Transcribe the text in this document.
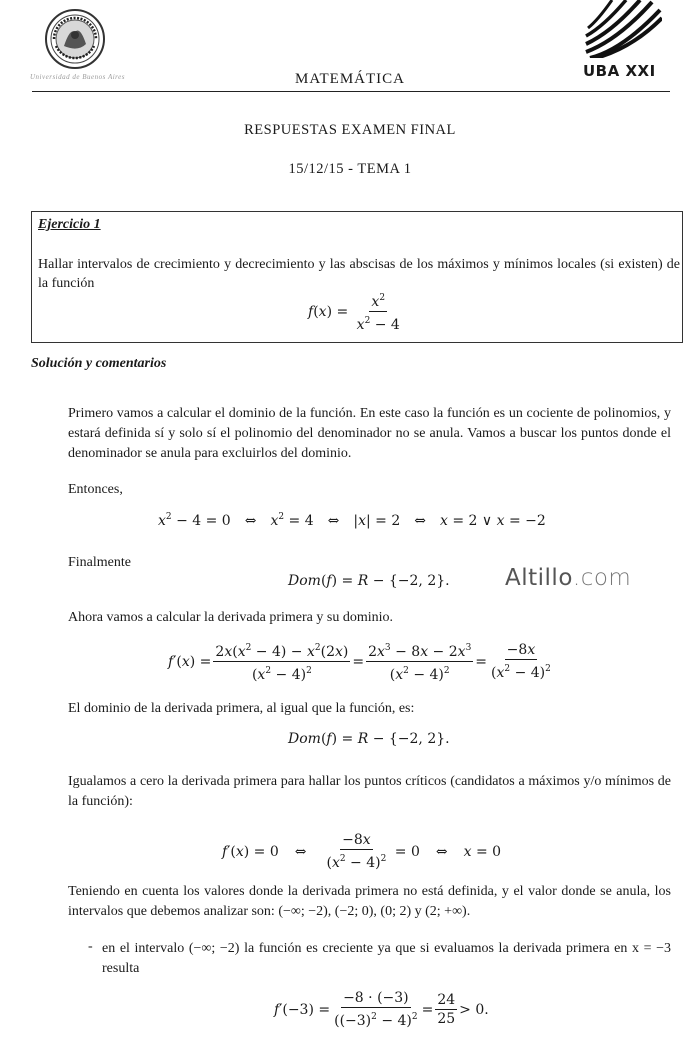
Universidad de Buenos Aires	MATEMÁTICA	UBA XXI
RESPUESTAS EXAMEN FINAL
15/12/15 - TEMA 1
Ejercicio 1
Hallar intervalos de crecimiento y decrecimiento y las abscisas de los máximos y mínimos locales (si existen) de la función
f ( x ) = $\frac{x^2}{x^2 - 4}$
Solución y comentarios
Primero vamos a calcular el dominio de la función. En este caso la función es un cociente de polinomios, y estará definida sí y solo sí el polinomio del denominador no se anula. Vamos a buscar los puntos donde el denominador se anula para excluirlos del dominio.
Entonces,
$x^2 - 4 = 0$ ⇔ $x^2 = 4$ ⇔ |x| = 2 ⇔ x = 2 ∨ x = −2
Finalmente
Dom ( f ) = R − {−2, 2}. Altillo.com
Ahora vamos a calcular la derivada primera y su dominio.
f ′( x ) = $\frac{2x(x^2 - 4) - x^2(2x)}{(x^2 - 4)^2} = \frac{2x^3 - 8x - 2x^3}{(x^2 - 4)^2} = \frac{-8x}{(x^2 - 4)^2}$
El dominio de la derivada primera, al igual que la función, es:
Dom ( f ) = R − {−2, 2}.
Igualamos a cero la derivada primera para hallar los puntos críticos (candidatos a máximos y/o mínimos de la función):
f ′( x ) = 0 ⇔ $\frac{-8x}{(x^2 - 4)^2} = 0$ ⇔ x = 0
Teniendo en cuenta los valores donde la derivada primera no está definida, y el valor donde se anula, los intervalos que debemos analizar son: (−∞; −2), (−2; 0), (0; 2) y (2; +∞).
- en el intervalo (−∞; −2) la función es creciente ya que si evaluamos la derivada primera en x = −3 resulta
f $'(-3) = \frac{-8 \cdot (-3)}{((-3)^2 - 4)^2} = \frac{24}{25} > 0$.
